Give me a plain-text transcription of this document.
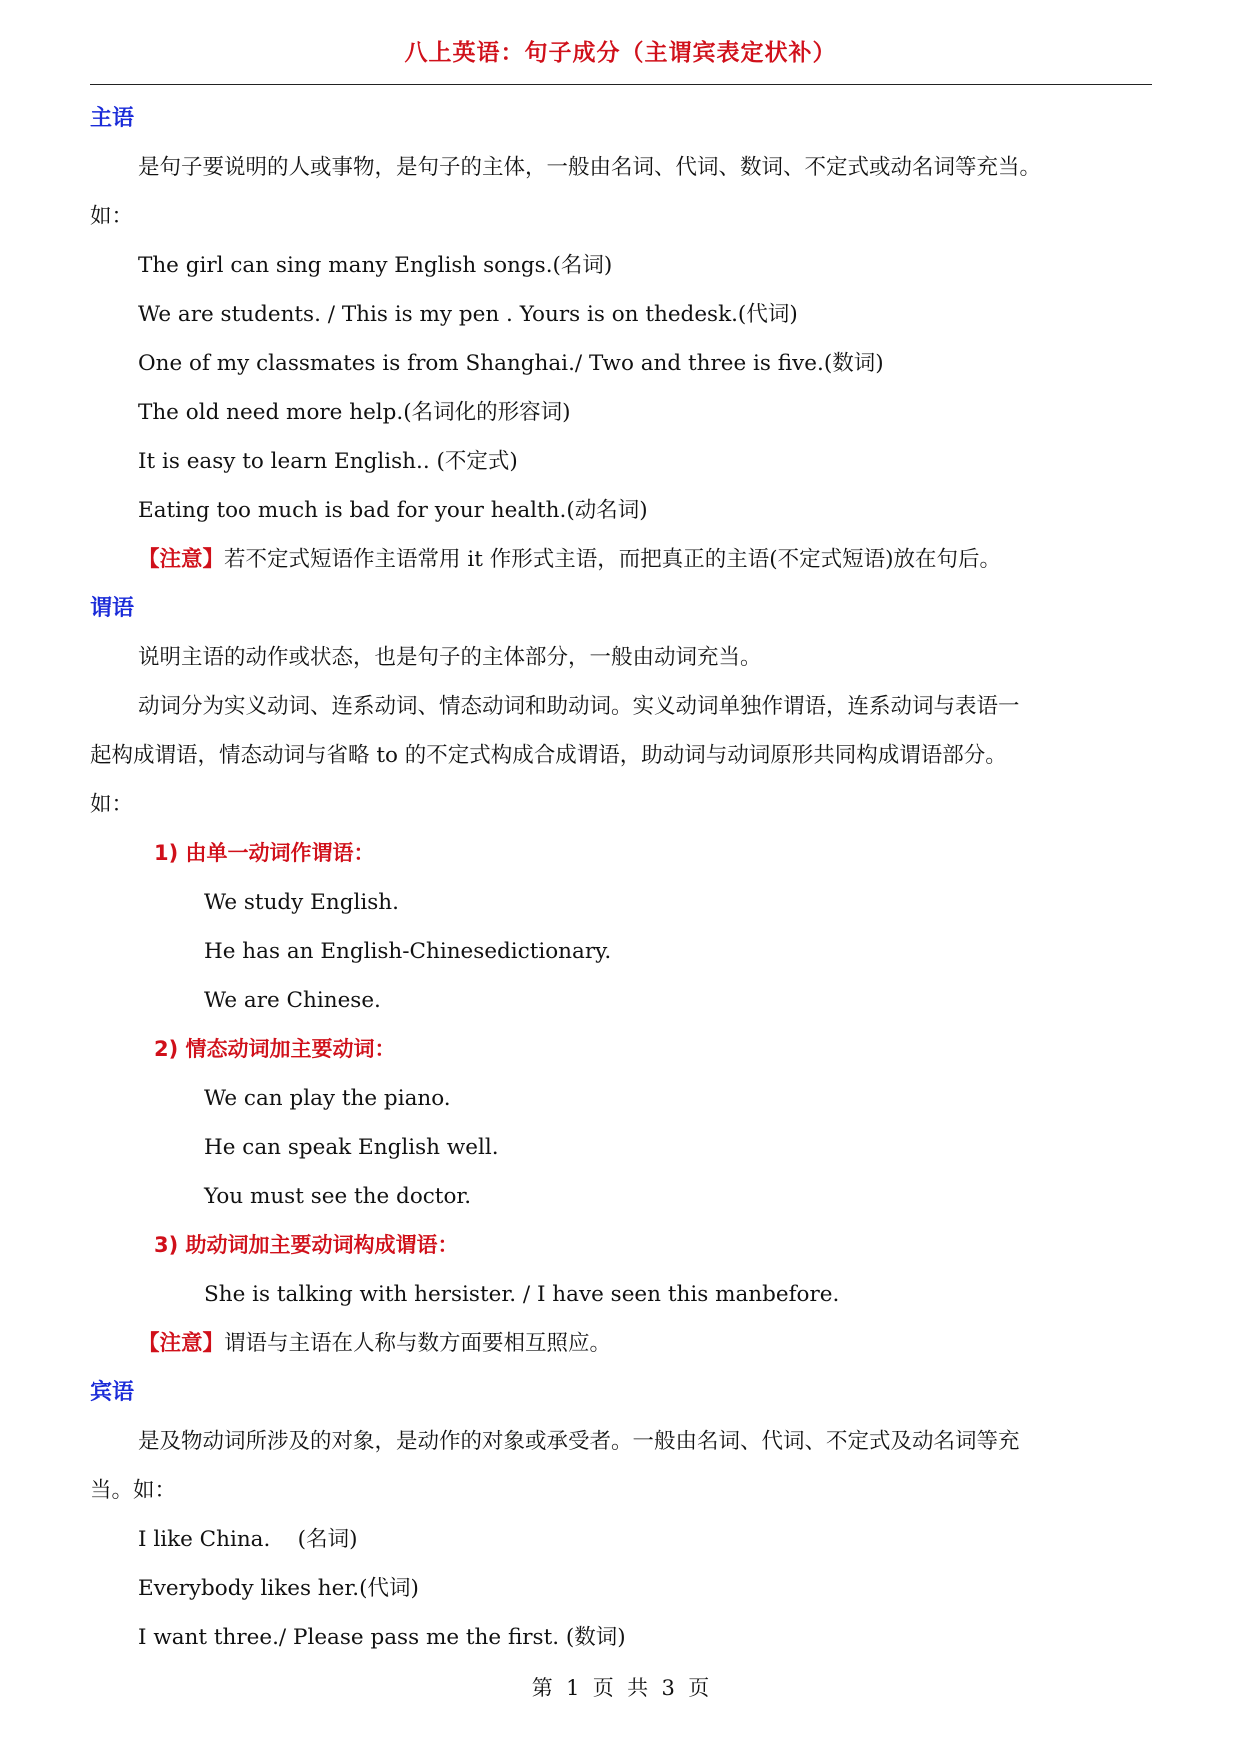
八上英语：句子成分（主谓宾表定状补）
主语
是句子要说明的人或事物，是句子的主体，一般由名词、代词、数词、不定式或动名词等充当。
如：
The girl can sing many English songs.(名词)
We are students. / This is my pen . Yours is on thedesk.(代词)
One of my classmates is from Shanghai./ Two and three is five.(数词)
The old need more help.(名词化的形容词)
It is easy to learn English.. (不定式)
Eating too much is bad for your health.(动名词)
【注意】若不定式短语作主语常用 it 作形式主语，而把真正的主语(不定式短语)放在句后。
谓语
说明主语的动作或状态，也是句子的主体部分，一般由动词充当。
动词分为实义动词、连系动词、情态动词和助动词。实义动词单独作谓语，连系动词与表语一
起构成谓语，情态动词与省略 to 的不定式构成合成谓语，助动词与动词原形共同构成谓语部分。
如：
1) 由单一动词作谓语：
We study English.
He has an English-Chinesedictionary.
We are Chinese.
2) 情态动词加主要动词：
We can play the piano.
He can speak English well.
You must see the doctor.
3) 助动词加主要动词构成谓语：
She is talking with hersister. / I have seen this manbefore.
【注意】谓语与主语在人称与数方面要相互照应。
宾语
是及物动词所涉及的对象，是动作的对象或承受者。一般由名词、代词、不定式及动名词等充
当。如：
I like China.    (名词)
Everybody likes her.(代词)
I want three./ Please pass me the first. (数词)
第  1  页  共  3  页
